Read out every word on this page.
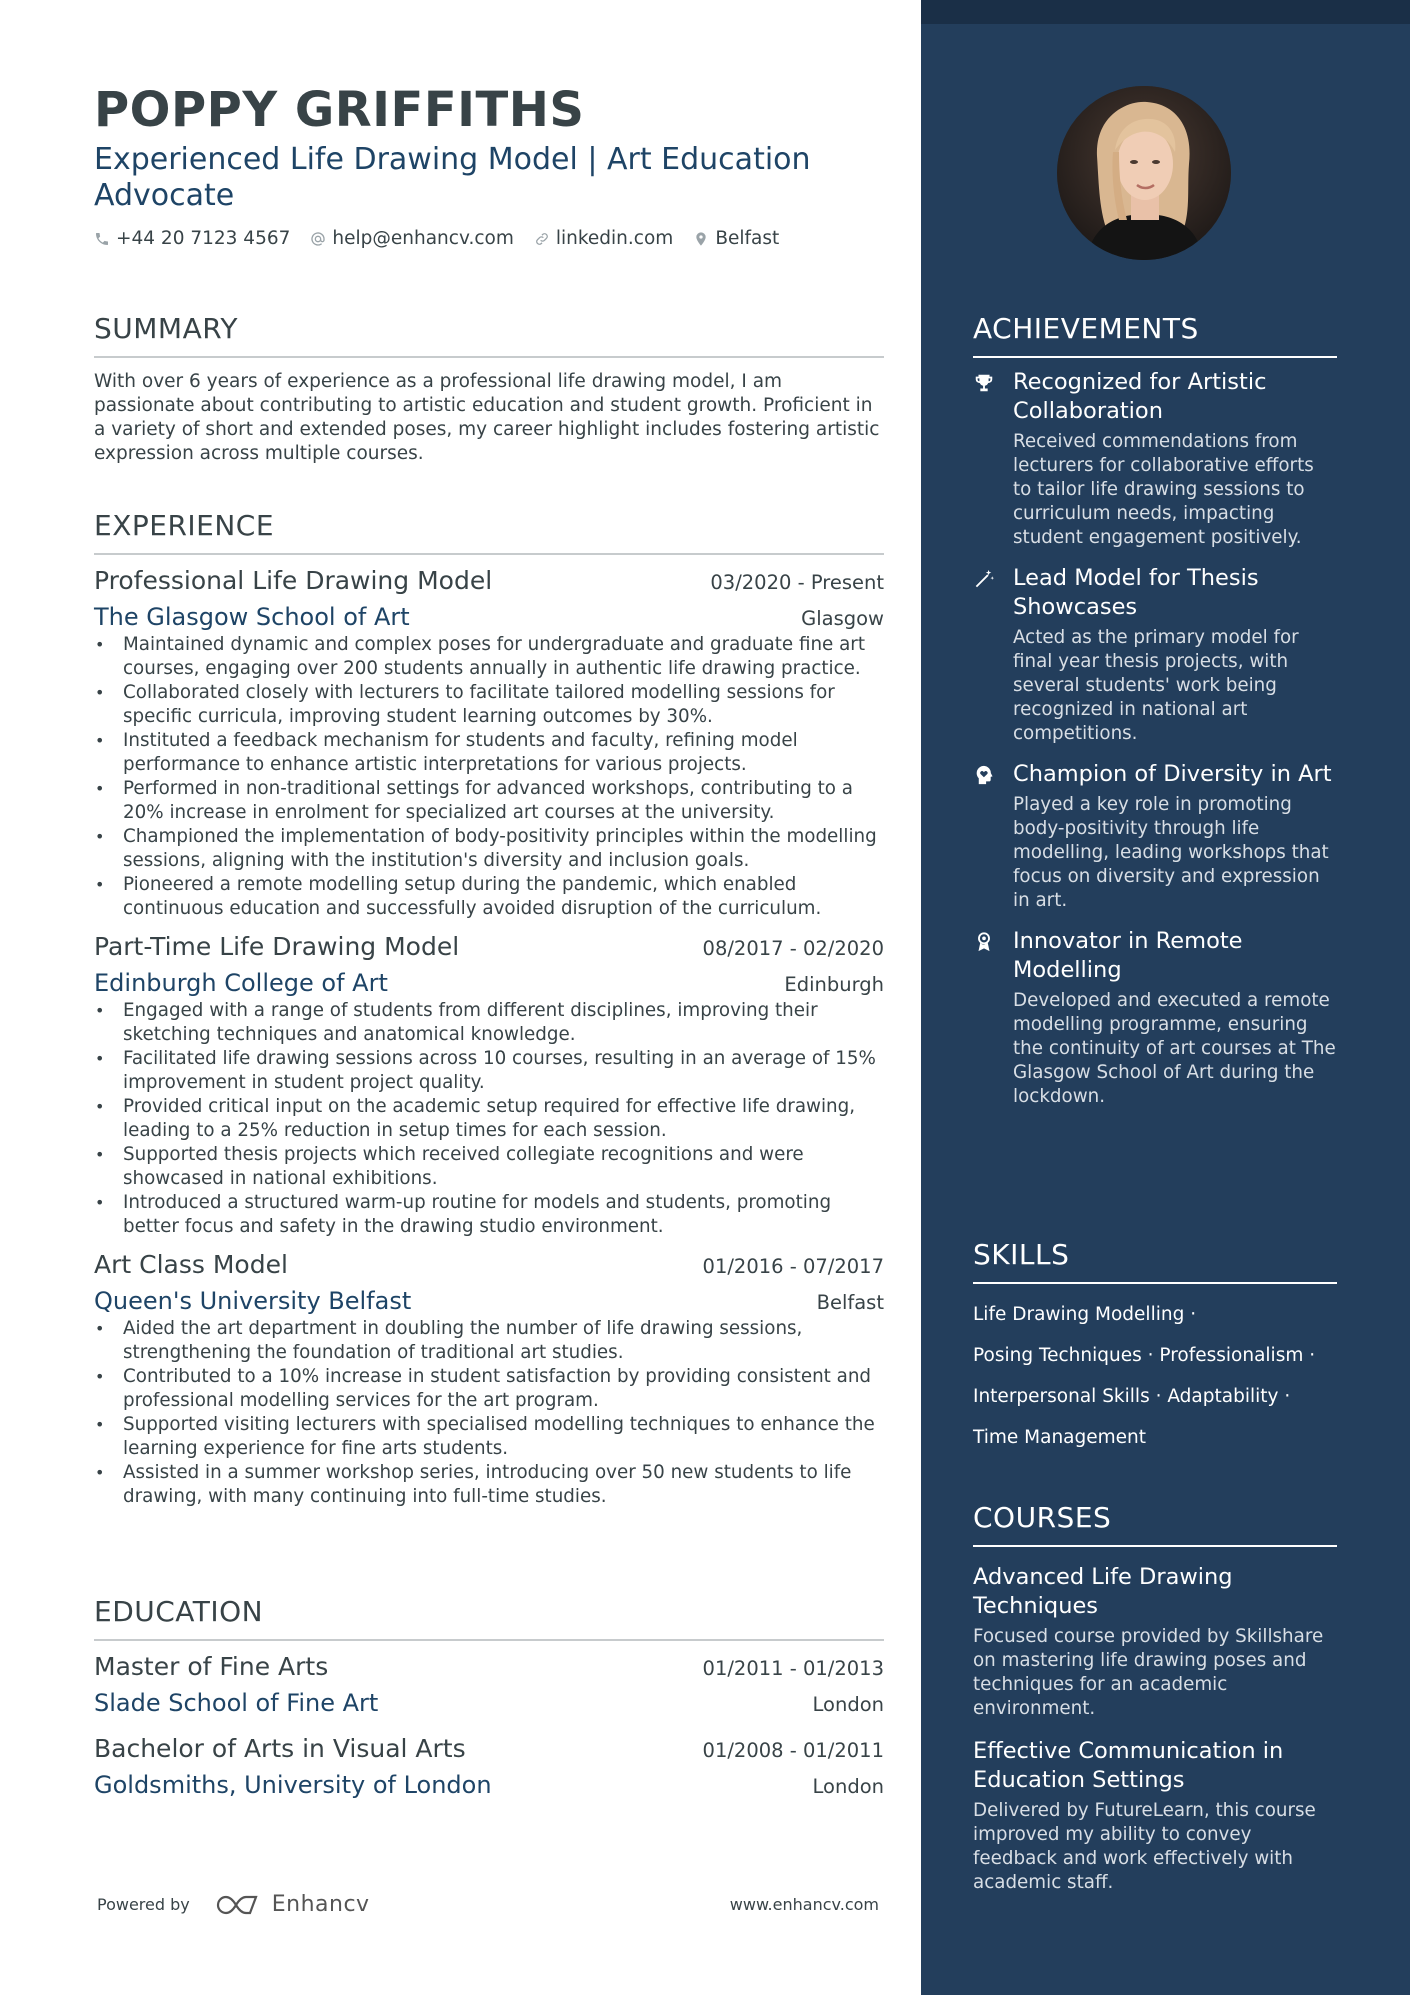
POPPY GRIFFITHS
Experienced Life Drawing Model | Art Education Advocate
+44 20 7123 4567 help@enhancv.com linkedin.com Belfast
SUMMARY

With over 6 years of experience as a professional life drawing model, I am passionate about contributing to artistic education and student growth. Proficient in a variety of short and extended poses, my career highlight includes fostering artistic expression across multiple courses.

EXPERIENCE
Professional Life Drawing Model	03/2020 - Present
The Glasgow School of Art	Glasgow
• Maintained dynamic and complex poses for undergraduate and graduate fine art courses, engaging over 200 students annually in authentic life drawing practice.
• Collaborated closely with lecturers to facilitate tailored modelling sessions for specific curricula, improving student learning outcomes by 30%.
• Instituted a feedback mechanism for students and faculty, refining model performance to enhance artistic interpretations for various projects.
• Performed in non-traditional settings for advanced workshops, contributing to a 20% increase in enrolment for specialized art courses at the university.
• Championed the implementation of body-positivity principles within the modelling sessions, aligning with the institution's diversity and inclusion goals.
• Pioneered a remote modelling setup during the pandemic, which enabled continuous education and successfully avoided disruption of the curriculum.
Part-Time Life Drawing Model	08/2017 - 02/2020
Edinburgh College of Art	Edinburgh
• Engaged with a range of students from different disciplines, improving their sketching techniques and anatomical knowledge.
• Facilitated life drawing sessions across 10 courses, resulting in an average of 15% improvement in student project quality.
• Provided critical input on the academic setup required for effective life drawing, leading to a 25% reduction in setup times for each session.
• Supported thesis projects which received collegiate recognitions and were showcased in national exhibitions.
• Introduced a structured warm-up routine for models and students, promoting better focus and safety in the drawing studio environment.
Art Class Model	01/2016 - 07/2017
Queen's University Belfast	Belfast
• Aided the art department in doubling the number of life drawing sessions, strengthening the foundation of traditional art studies.
• Contributed to a 10% increase in student satisfaction by providing consistent and professional modelling services for the art program.
• Supported visiting lecturers with specialised modelling techniques to enhance the learning experience for fine arts students.
• Assisted in a summer workshop series, introducing over 50 new students to life drawing, with many continuing into full-time studies.
EDUCATION
Master of Fine Arts	01/2011 - 01/2013
Slade School of Fine Art	London
Bachelor of Arts in Visual Arts	01/2008 - 01/2011
Goldsmiths, University of London	London
Powered by	Enhancv	www.enhancv.com
ACHIEVEMENTS
Recognized for Artistic Collaboration
Received commendations from lecturers for collaborative efforts to tailor life drawing sessions to curriculum needs, impacting student engagement positively.
Lead Model for Thesis Showcases
Acted as the primary model for final year thesis projects, with several students' work being recognized in national art competitions.
Champion of Diversity in Art
Played a key role in promoting body-positivity through life modelling, leading workshops that focus on diversity and expression in art.
Innovator in Remote Modelling
Developed and executed a remote modelling programme, ensuring the continuity of art courses at The Glasgow School of Art during the lockdown.
SKILLS
Life Drawing Modelling ·
Posing Techniques · Professionalism ·
Interpersonal Skills · Adaptability ·
Time Management
COURSES
Advanced Life Drawing Techniques
Focused course provided by Skillshare on mastering life drawing poses and techniques for an academic environment.
Effective Communication in Education Settings
Delivered by FutureLearn, this course improved my ability to convey feedback and work effectively with academic staff.
